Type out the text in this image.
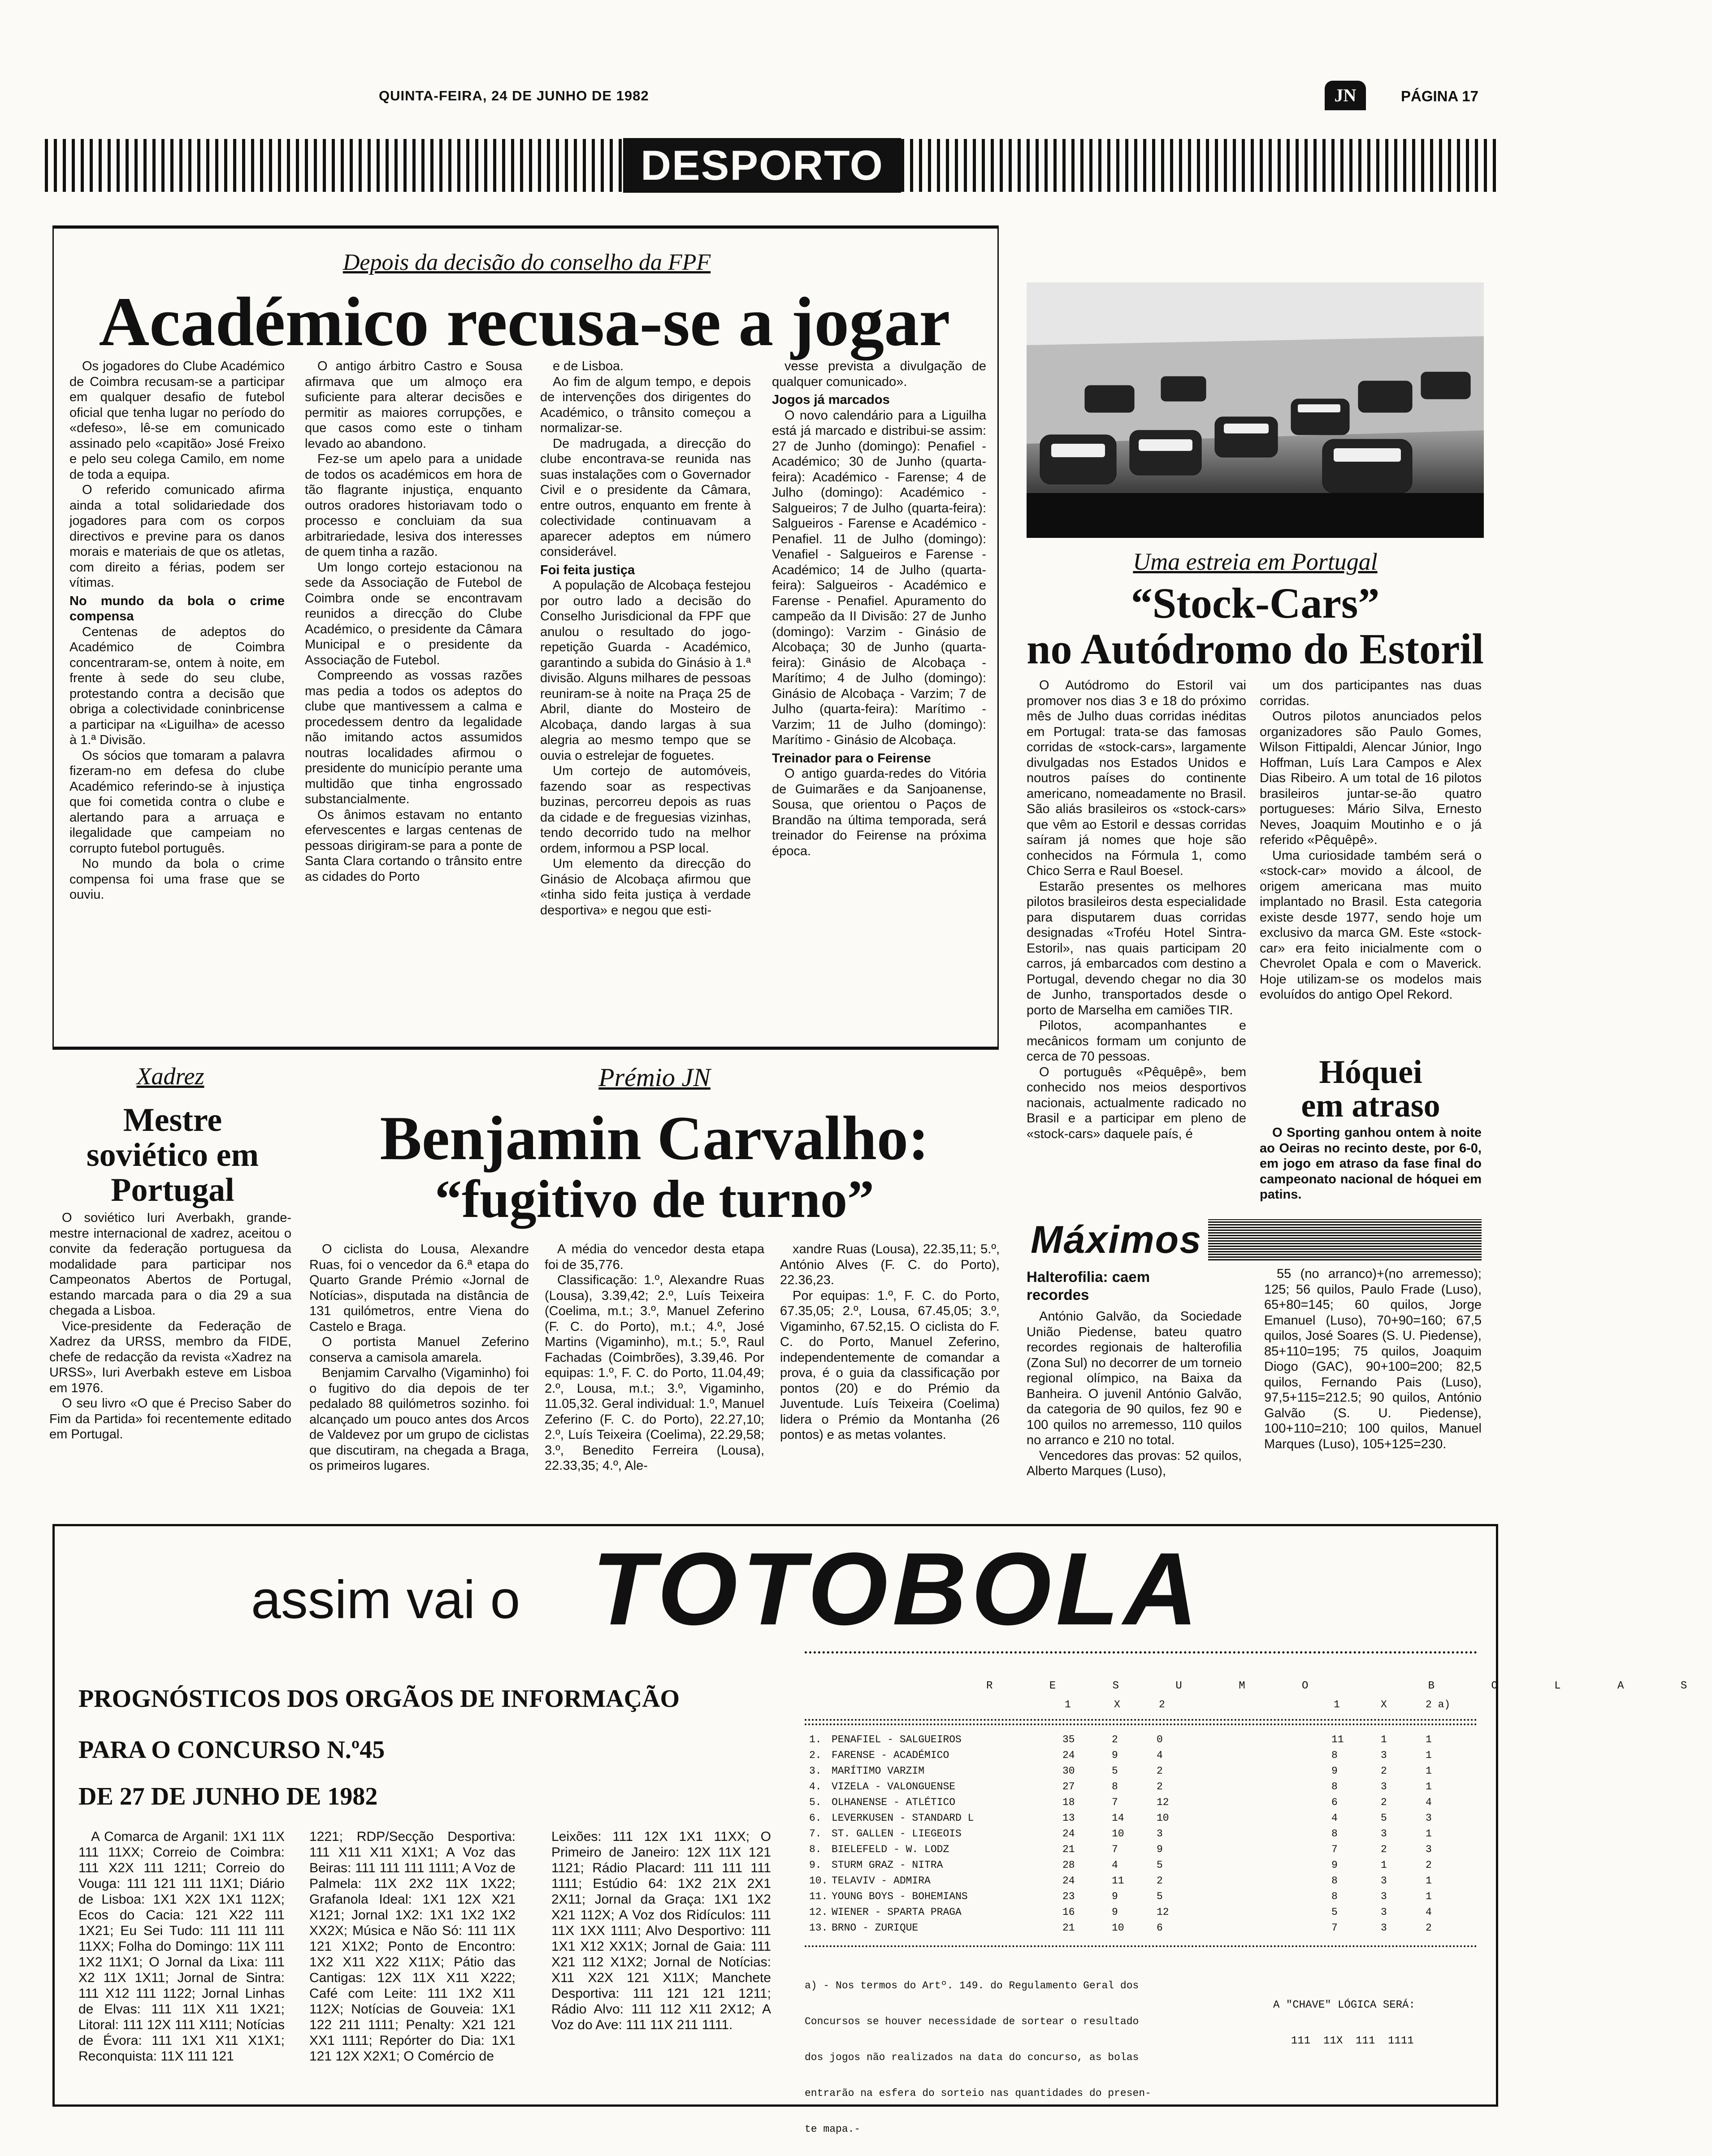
QUINTA-FEIRA, 24 DE JUNHO DE 1982	JN	PÁGINA 17
DESPORTO
Depois da decisão do conselho da FPF
Académico recusa-se a jogar

Os jogadores do Clube Académico de Coimbra recusam-se a participar em qualquer desafio de futebol oficial que tenha lugar no período do «defeso», lê-se em comunicado assinado pelo «capitão» José Freixo e pelo seu colega Camilo, em nome de toda a equipa.

O referido comunicado afirma ainda a total solidariedade dos jogadores para com os corpos directivos e previne para os danos morais e materiais de que os atletas, com direito a férias, podem ser vítimas.

No mundo da bola o crime compensa

Centenas de adeptos do Académico de Coimbra concentraram-se, ontem à noite, em frente à sede do seu clube, protestando contra a decisão que obriga a colectividade coninbricense a participar na «Liguilha» de acesso à 1.ª Divisão.

Os sócios que tomaram a palavra fizeram-no em defesa do clube Académico referindo-se à injustiça que foi cometida contra o clube e alertando para a arruaça e ilegalidade que campeiam no corrupto futebol português.

No mundo da bola o crime compensa foi uma frase que se ouviu.

O antigo árbitro Castro e Sousa afirmava que um almoço era suficiente para alterar decisões e permitir as maiores corrupções, e que casos como este o tinham levado ao abandono.

Fez-se um apelo para a unidade de todos os académicos em hora de tão flagrante injustiça, enquanto outros oradores historiavam todo o processo e concluiam da sua arbitrariedade, lesiva dos interesses de quem tinha a razão.

Um longo cortejo estacionou na sede da Associação de Futebol de Coimbra onde se encontravam reunidos a direcção do Clube Académico, o presidente da Câmara Municipal e o presidente da Associação de Futebol.

Compreendo as vossas razões mas pedia a todos os adeptos do clube que mantivessem a calma e procedessem dentro da legalidade não imitando actos assumidos noutras localidades afirmou o presidente do município perante uma multidão que tinha engrossado substancialmente.

Os ânimos estavam no entanto efervescentes e largas centenas de pessoas dirigiram-se para a ponte de Santa Clara cortando o trânsito entre as cidades do Porto

e de Lisboa.

Ao fim de algum tempo, e depois de intervenções dos dirigentes do Académico, o trânsito começou a normalizar-se.

De madrugada, a direcção do clube encontrava-se reunida nas suas instalações com o Governador Civil e o presidente da Câmara, entre outros, enquanto em frente à colectividade continuavam a aparecer adeptos em número considerável.

Foi feita justiça

A população de Alcobaça festejou por outro lado a decisão do Conselho Jurisdicional da FPF que anulou o resultado do jogo-repetição Guarda - Académico, garantindo a subida do Ginásio à 1.ª divisão. Alguns milhares de pessoas reuniram-se à noite na Praça 25 de Abril, diante do Mosteiro de Alcobaça, dando largas à sua alegria ao mesmo tempo que se ouvia o estrelejar de foguetes.

Um cortejo de automóveis, fazendo soar as respectivas buzinas, percorreu depois as ruas da cidade e de freguesias vizinhas, tendo decorrido tudo na melhor ordem, informou a PSP local.

Um elemento da direcção do Ginásio de Alcobaça afirmou que «tinha sido feita justiça à verdade desportiva» e negou que esti-

vesse prevista a divulgação de qualquer comunicado».

Jogos já marcados

O novo calendário para a Liguilha está já marcado e distribui-se assim: 27 de Junho (domingo): Penafiel - Académico; 30 de Junho (quarta-feira): Académico - Farense; 4 de Julho (domingo): Académico - Salgueiros; 7 de Julho (quarta-feira): Salgueiros - Farense e Académico - Penafiel. 11 de Julho (domingo): Venafiel - Salgueiros e Farense - Académico; 14 de Julho (quarta-feira): Salgueiros - Académico e Farense - Penafiel. Apuramento do campeão da II Divisão: 27 de Junho (domingo): Varzim - Ginásio de Alcobaça; 30 de Junho (quarta-feira): Ginásio de Alcobaça - Marítimo; 4 de Julho (domingo): Ginásio de Alcobaça - Varzim; 7 de Julho (quarta-feira): Marítimo - Varzim; 11 de Julho (domingo): Marítimo - Ginásio de Alcobaça.

Treinador para o Feirense

O antigo guarda-redes do Vitória de Guimarães e da Sanjoanense, Sousa, que orientou o Paços de Brandão na última temporada, será treinador do Feirense na próxima época.

Uma estreia em Portugal
“Stock-Cars”
no Autódromo do Estoril

O Autódromo do Estoril vai promover nos dias 3 e 18 do próximo mês de Julho duas corridas inéditas em Portugal: trata-se das famosas corridas de «stock-cars», largamente divulgadas nos Estados Unidos e noutros países do continente americano, nomeadamente no Brasil. São aliás brasileiros os «stock-cars» que vêm ao Estoril e dessas corridas saíram já nomes que hoje são conhecidos na Fórmula 1, como Chico Serra e Raul Boesel.

Estarão presentes os melhores pilotos brasileiros desta especialidade para disputarem duas corridas designadas «Troféu Hotel Sintra-Estoril», nas quais participam 20 carros, já embarcados com destino a Portugal, devendo chegar no dia 30 de Junho, transportados desde o porto de Marselha em camiões TIR.

Pilotos, acompanhantes e mecânicos formam um conjunto de cerca de 70 pessoas.

O português «Pêquêpê», bem conhecido nos meios desportivos nacionais, actualmente radicado no Brasil e a participar em pleno de «stock-cars» daquele país, é

um dos participantes nas duas corridas.

Outros pilotos anunciados pelos organizadores são Paulo Gomes, Wilson Fittipaldi, Alencar Júnior, Ingo Hoffman, Luís Lara Campos e Alex Dias Ribeiro. A um total de 16 pilotos brasileiros juntar-se-ão quatro portugueses: Mário Silva, Ernesto Neves, Joaquim Moutinho e o já referido «Pêquêpê».

Uma curiosidade também será o «stock-car» movido a álcool, de origem americana mas muito implantado no Brasil. Esta categoria existe desde 1977, sendo hoje um exclusivo da marca GM. Este «stock-car» era feito inicialmente com o Chevrolet Opala e com o Maverick. Hoje utilizam-se os modelos mais evoluídos do antigo Opel Rekord.

Hóquei
em atraso

O Sporting ganhou ontem à noite ao Oeiras no recinto deste, por 6-0, em jogo em atraso da fase final do campeonato nacional de hóquei em patins.

Xadrez
Mestre soviético em Portugal

O soviético Iuri Averbakh, grande-mestre internacional de xadrez, aceitou o convite da federação portuguesa da modalidade para participar nos Campeonatos Abertos de Portugal, estando marcada para o dia 29 a sua chegada a Lisboa.

Vice-presidente da Federação de Xadrez da URSS, membro da FIDE, chefe de redacção da revista «Xadrez na URSS», Iuri Averbakh esteve em Lisboa em 1976.

O seu livro «O que é Preciso Saber do Fim da Partida» foi recentemente editado em Portugal.

Prémio JN
Benjamin Carvalho:
“fugitivo de turno”

O ciclista do Lousa, Alexandre Ruas, foi o vencedor da 6.ª etapa do Quarto Grande Prémio «Jornal de Notícias», disputada na distância de 131 quilómetros, entre Viena do Castelo e Braga.

O portista Manuel Zeferino conserva a camisola amarela.

Benjamim Carvalho (Vigaminho) foi o fugitivo do dia depois de ter pedalado 88 quilómetros sozinho. foi alcançado um pouco antes dos Arcos de Valdevez por um grupo de ciclistas que discutiram, na chegada a Braga, os primeiros lugares.

A média do vencedor desta etapa foi de 35,776.

Classificação: 1.º, Alexandre Ruas (Lousa), 3.39,42; 2.º, Luís Teixeira (Coelima, m.t.; 3.º, Manuel Zeferino (F. C. do Porto), m.t.; 4.º, José Martins (Vigaminho), m.t.; 5.º, Raul Fachadas (Coimbrões), 3.39,46. Por equipas: 1.º, F. C. do Porto, 11.04,49; 2.º, Lousa, m.t.; 3.º, Vigaminho, 11.05,32. Geral individual: 1.º, Manuel Zeferino (F. C. do Porto), 22.27,10; 2.º, Luís Teixeira (Coelima), 22.29,58; 3.º, Benedito Ferreira (Lousa), 22.33,35; 4.º, Ale-

xandre Ruas (Lousa), 22.35,11; 5.º, António Alves (F. C. do Porto), 22.36,23.

Por equipas: 1.º, F. C. do Porto, 67.35,05; 2.º, Lousa, 67.45,05; 3.º, Vigaminho, 67.52,15. O ciclista do F. C. do Porto, Manuel Zeferino, independentemente de comandar a prova, é o guia da classificação por pontos (20) e do Prémio da Juventude. Luís Teixeira (Coelima) lidera o Prémio da Montanha (26 pontos) e as metas volantes.

Máximos
Halterofilia: caem
recordes

António Galvão, da Sociedade União Piedense, bateu quatro recordes regionais de halterofilia (Zona Sul) no decorrer de um torneio regional olímpico, na Baixa da Banheira. O juvenil António Galvão, da categoria de 90 quilos, fez 90 e 100 quilos no arremesso, 110 quilos no arranco e 210 no total.

Vencedores das provas: 52 quilos, Alberto Marques (Luso),

55 (no arranco)+(no arremesso); 125; 56 quilos, Paulo Frade (Luso), 65+80=145; 60 quilos, Jorge Emanuel (Luso), 70+90=160; 67,5 quilos, José Soares (S. U. Piedense), 85+110=195; 75 quilos, Joaquim Diogo (GAC), 90+100=200; 82,5 quilos, Fernando Pais (Luso), 97,5+115=212.5; 90 quilos, António Galvão (S. U. Piedense), 100+110=210; 100 quilos, Manuel Marques (Luso), 105+125=230.

assim vai o TOTOBOLA
PROGNÓSTICOS DOS ORGÃOS DE INFORMAÇÃO
PARA O CONCURSO N.º45
DE 27 DE JUNHO DE 1982

A Comarca de Arganil: 1X1 11X 111 11XX; Correio de Coimbra: 111 X2X 111 1211; Correio do Vouga: 111 121 111 11X1; Diário de Lisboa: 1X1 X2X 1X1 112X; Ecos do Cacia: 121 X22 111 1X21; Eu Sei Tudo: 111 111 111 11XX; Folha do Domingo: 11X 111 1X2 11X1; O Jornal da Lixa: 111 X2 11X 1X11; Jornal de Sintra: 111 X12 111 1122; Jornal Linhas de Elvas: 111 11X X11 1X21; Litoral: 111 12X 111 X111; Notícias de Évora: 111 1X1 X11 X1X1; Reconquista: 11X 111 121

1221; RDP/Secção Desportiva: 111 X11 X11 X1X1; A Voz das Beiras: 111 111 111 1111; A Voz de Palmela: 11X 2X2 11X 1X22; Grafanola Ideal: 1X1 12X X21 X121; Jornal 1X2: 1X1 1X2 1X2 XX2X; Música e Não Só: 111 11X 121 X1X2; Ponto de Encontro: 1X2 X11 X22 X11X; Pátio das Cantigas: 12X 11X X11 X222; Café com Leite: 111 1X2 X11 112X; Notícias de Gouveia: 1X1 122 211 1111; Penalty: X21 121 XX1 1111; Repórter do Dia: 1X1 121 12X X2X1; O Comércio de

Leixões: 111 12X 1X1 11XX; O Primeiro de Janeiro: 12X 11X 121 1121; Rádio Placard: 111 111 111 1111; Estúdio 64: 1X2 21X 2X1 2X11; Jornal da Graça: 1X1 1X2 X21 112X; A Voz dos Ridículos: 111 11X 1XX 1111; Alvo Desportivo: 111 1X1 X12 XX1X; Jornal de Gaia: 111 X21 112 X1X2; Jornal de Notícias: X11 X2X 121 X11X; Manchete Desportiva: 111 121 121 1211; Rádio Alvo: 111 112 X11 2X12; A Voz do Ave: 111 11X 211 1111.

R E S U M O   B O L A S
1	X	2	1	X	2 a)
1. PENAFIEL - SALGUEIROS	35	2	0	11	1	1
2. FARENSE - ACADÉMICO	24	9	4	8	3	1
3. MARÍTIMO VARZIM	30	5	2	9	2	1
4. VIZELA - VALONGUENSE	27	8	2	8	3	1
5. OLHANENSE - ATLÉTICO	18	7	12	6	2	4
6. LEVERKUSEN - STANDARD L	13	14	10	4	5	3
7. ST. GALLEN - LIEGEOIS	24	10	3	8	3	1
8. BIELEFELD - W. LODZ	21	7	9	7	2	3
9. STURM GRAZ - NITRA	28	4	5	9	1	2
10. TELAVIV - ADMIRA	24	11	2	8	3	1
11. YOUNG BOYS - BOHEMIANS	23	9	5	8	3	1
12. WIENER - SPARTA PRAGA	16	9	12	5	3	4
13. BRNO - ZURIQUE	21	10	6	7	3	2

a) - Nos termos do Artº. 149. do Regulamento Geral dos

Concursos se houver necessidade de sortear o resultado

dos jogos não realizados na data do concurso, as bolas

entrarão na esfera do sorteio nas quantidades do presen-

te mapa.-

A "CHAVE" LÓGICA SERÁ:
111  11X  111  1111
